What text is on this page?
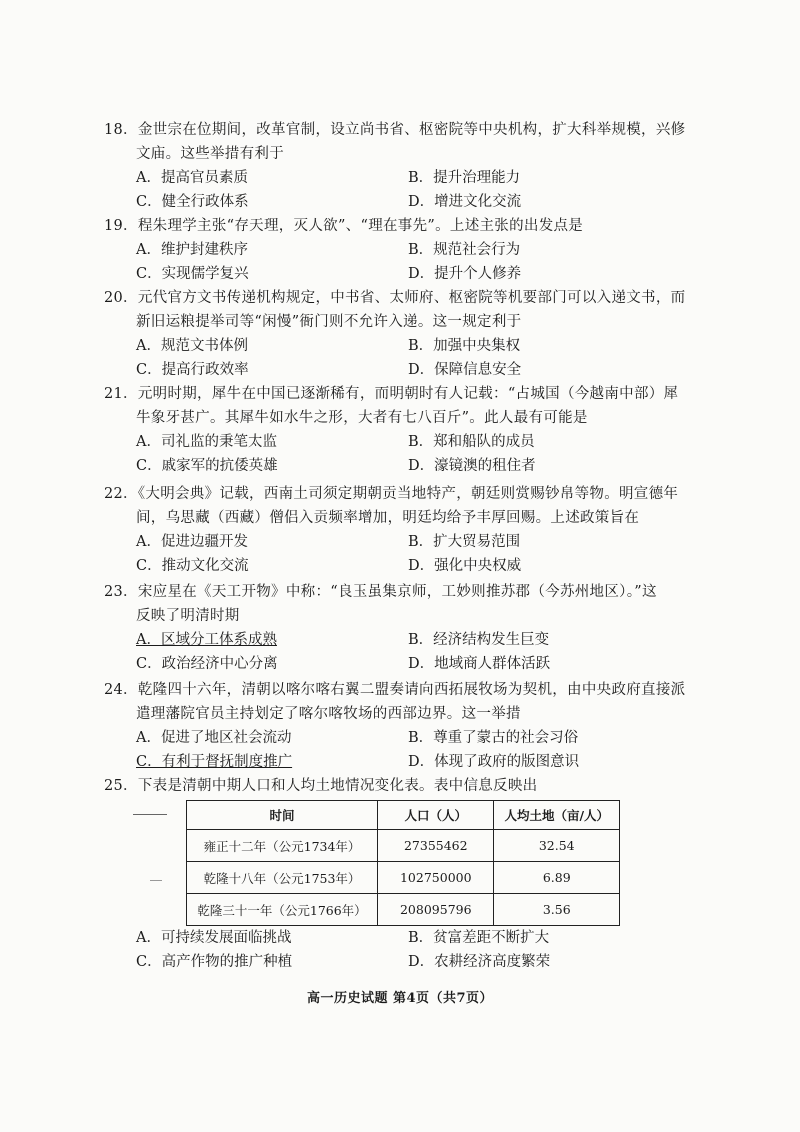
18．金世宗在位期间，改革官制，设立尚书省、枢密院等中央机构，扩大科举规模，兴修
文庙。这些举措有利于
A．提高官员素质	B．提升治理能力
C．健全行政体系	D．增进文化交流
19．程朱理学主张“存天理，灭人欲”、“理在事先”。上述主张的出发点是
A．维护封建秩序	B．规范社会行为
C．实现儒学复兴	D．提升个人修养
20．元代官方文书传递机构规定，中书省、太师府、枢密院等机要部门可以入递文书，而
新旧运粮提举司等“闲慢”衙门则不允许入递。这一规定利于
A．规范文书体例	B．加强中央集权
C．提高行政效率	D．保障信息安全
21．元明时期，犀牛在中国已逐渐稀有，而明朝时有人记载：“占城国（今越南中部）犀
牛象牙甚广。其犀牛如水牛之形，大者有七八百斤”。此人最有可能是
A．司礼监的秉笔太监	B．郑和船队的成员
C．戚家军的抗倭英雄	D．濠镜澳的租住者
22．《大明会典》记载，西南土司须定期朝贡当地特产，朝廷则赏赐钞帛等物。明宣德年
间，乌思藏（西藏）僧侣入贡频率增加，明廷均给予丰厚回赐。上述政策旨在
A．促进边疆开发	B．扩大贸易范围
C．推动文化交流	D．强化中央权威
23．宋应星在《天工开物》中称：“良玉虽集京师，工妙则推苏郡（今苏州地区）。”这
反映了明清时期
A．区域分工体系成熟	B．经济结构发生巨变
C．政治经济中心分离	D．地域商人群体活跃
24．乾隆四十六年，清朝以喀尔喀右翼二盟奏请向西拓展牧场为契机，由中央政府直接派
遣理藩院官员主持划定了喀尔喀牧场的西部边界。这一举措
A．促进了地区社会流动	B．尊重了蒙古的社会习俗
C．有利于督抚制度推广	D．体现了政府的版图意识
25．下表是清朝中期人口和人均土地情况变化表。表中信息反映出
时间	人口（人）	人均土地（亩/人）
雍正十二年（公元1734年）	27355462	32.54
乾隆十八年（公元1753年）	102750000	6.89
乾隆三十一年（公元1766年）	208095796	3.56
A．可持续发展面临挑战	B．贫富差距不断扩大
C．高产作物的推广种植	D．农耕经济高度繁荣
高一历史试题 第4页（共7页）
